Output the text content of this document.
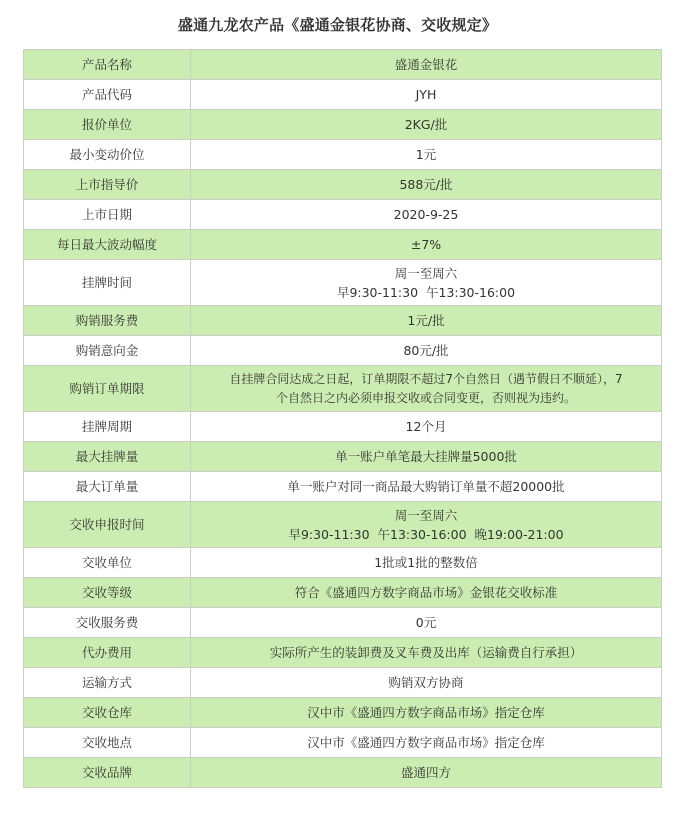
盛通九龙农产品《盛通金银花协商、交收规定》
产品名称	盛通金银花

产品代码	JYH

报价单位	2KG/批

最小变动价位	1元

上市指导价	588元/批

上市日期	2020-9-25

每日最大波动幅度	±7%

挂牌时间	周一至周六
早9:30-11:30  午13:30-16:00

购销服务费	1元/批

购销意向金	80元/批

购销订单期限	自挂牌合同达成之日起，订单期限不超过7个自然日（遇节假日不顺延），7
个自然日之内必须申报交收或合同变更，否则视为违约。

挂牌周期	12个月

最大挂牌量	单一账户单笔最大挂牌量5000批

最大订单量	单一账户对同一商品最大购销订单量不超20000批

交收申报时间	周一至周六
早9:30-11:30  午13:30-16:00  晚19:00-21:00

交收单位	1批或1批的整数倍

交收等级	符合《盛通四方数字商品市场》金银花交收标准

交收服务费	0元

代办费用	实际所产生的装卸费及叉车费及出库（运输费自行承担）

运输方式	购销双方协商

交收仓库	汉中市《盛通四方数字商品市场》指定仓库

交收地点	汉中市《盛通四方数字商品市场》指定仓库

交收品牌	盛通四方
